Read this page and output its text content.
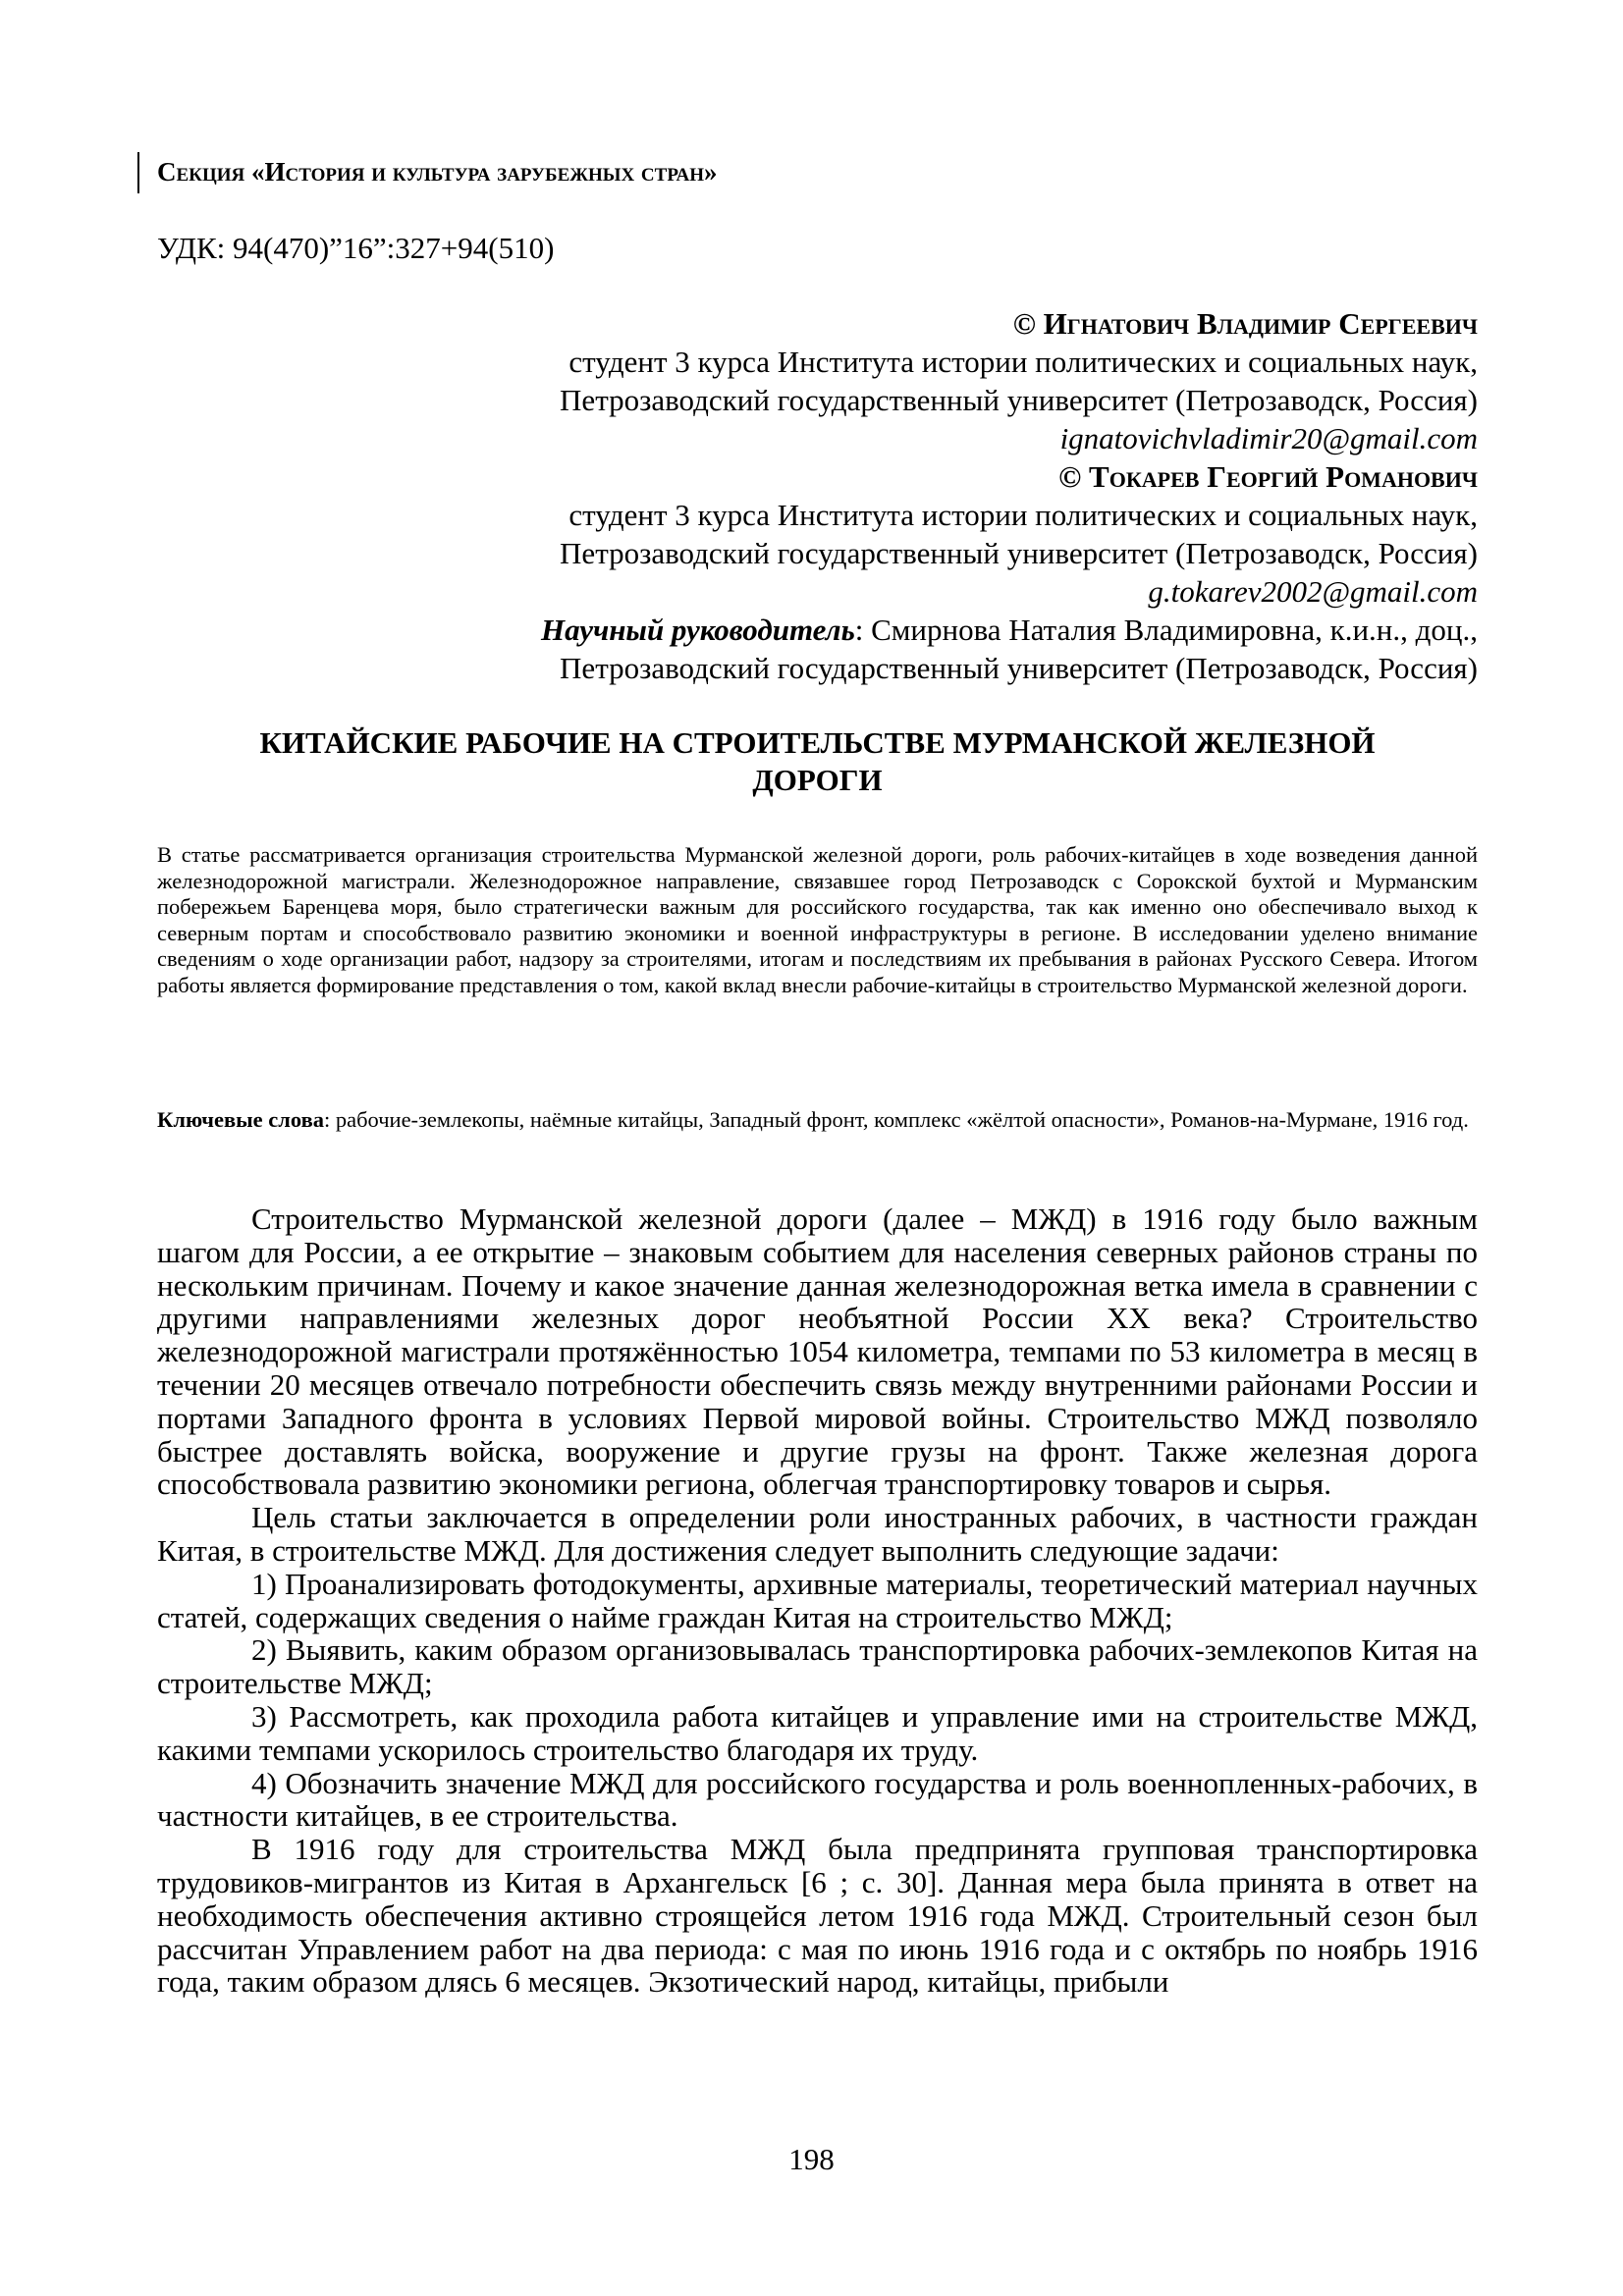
Секция «История и культура зарубежных стран»
УДК: 94(470)”16”:327+94(510)
© Игнатович Владимир Сергеевич
студент 3 курса Института истории политических и социальных наук,
Петрозаводский государственный университет (Петрозаводск, Россия)
ignatovichvladimir20@gmail.com
© Токарев Георгий Романович
студент 3 курса Института истории политических и социальных наук,
Петрозаводский государственный университет (Петрозаводск, Россия)
g.tokarev2002@gmail.com
Научный руководитель: Смирнова Наталия Владимировна, к.и.н., доц.,
Петрозаводский государственный университет (Петрозаводск, Россия)
КИТАЙСКИЕ РАБОЧИЕ НА СТРОИТЕЛЬСТВЕ МУРМАНСКОЙ ЖЕЛЕЗНОЙ
ДОРОГИ
В статье рассматривается организация строительства Мурманской железной дороги, роль рабочих-китайцев в ходе возведения данной железнодорожной магистрали. Железнодорожное направление, связавшее город Петрозаводск с Сорокской бухтой и Мурманским побережьем Баренцева моря, было стратегически важным для российского государства, так как именно оно обеспечивало выход к северным портам и способствовало развитию экономики и военной инфраструктуры в регионе. В исследовании уделено внимание сведениям о ходе организации работ, надзору за строителями, итогам и последствиям их пребывания в районах Русского Севера. Итогом работы является формирование представления о том, какой вклад внесли рабочие-китайцы в строительство Мурманской железной дороги.
Ключевые слова: рабочие-землекопы, наёмные китайцы, Западный фронт, комплекс «жёлтой опасности», Романов-на-Мурмане, 1916 год.

Строительство Мурманской железной дороги (далее – МЖД) в 1916 году было важным шагом для России, а ее открытие – знаковым событием для населения северных районов страны по нескольким причинам. Почему и какое значение данная железнодорожная ветка имела в сравнении с другими направлениями железных дорог необъятной России XX века? Строительство железнодорожной магистрали протяжённостью 1054 километра, темпами по 53 километра в месяц в течении 20 месяцев отвечало потребности обеспечить связь между внутренними районами России и портами Западного фронта в условиях Первой мировой войны. Строительство МЖД позволяло быстрее доставлять войска, вооружение и другие грузы на фронт. Также железная дорога способствовала развитию экономики региона, облегчая транспортировку товаров и сырья.

Цель статьи заключается в определении роли иностранных рабочих, в частности граждан Китая, в строительстве МЖД. Для достижения следует выполнить следующие задачи:

1) Проанализировать фотодокументы, архивные материалы, теоретический материал научных статей, содержащих сведения о найме граждан Китая на строительство МЖД;

2) Выявить, каким образом организовывалась транспортировка рабочих-землекопов Китая на строительстве МЖД;

3) Рассмотреть, как проходила работа китайцев и управление ими на строительстве МЖД, какими темпами ускорилось строительство благодаря их труду.

4) Обозначить значение МЖД для российского государства и роль военнопленных-рабочих, в частности китайцев, в ее строительства.

В 1916 году для строительства МЖД была предпринята групповая транспортировка трудовиков-мигрантов из Китая в Архангельск [6 ; с. 30]. Данная мера была принята в ответ на необходимость обеспечения активно строящейся летом 1916 года МЖД. Строительный сезон был рассчитан Управлением работ на два периода: с мая по июнь 1916 года и с октябрь по ноябрь 1916 года, таким образом длясь 6 месяцев. Экзотический народ, китайцы, прибыли

198
